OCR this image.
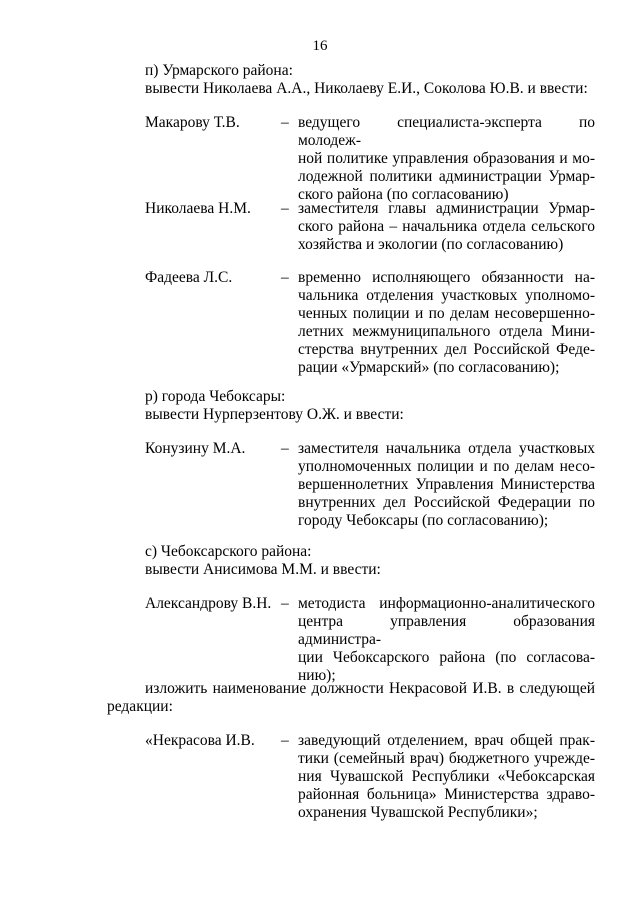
16
п) Урмарского района:
вывести Николаева А.А., Николаеву Е.И., Соколова Ю.В. и ввести:
Макарову Т.В.	– ведущего специалиста-эксперта по молодеж-
ной политике управления образования и мо-
лодежной политики администрации Урмар-
ского района (по согласованию)
Николаева Н.М. – заместителя главы администрации Урмар-
ского района – начальника отдела сельского
хозяйства и экологии (по согласованию)
Фадеева Л.С.	– временно исполняющего обязанности на-
чальника отделения участковых уполномо-
ченных полиции и по делам несовершенно-
летних межмуниципального отдела Мини-
стерства внутренних дел Российской Феде-
рации «Урмарский» (по согласованию);
р) города Чебоксары:
вывести Нурперзентову О.Ж. и ввести:
Конузину М.А. – заместителя начальника отдела участковых
уполномоченных полиции и по делам несо-
вершеннолетних Управления Министерства
внутренних дел Российской Федерации по
городу Чебоксары (по согласованию);
с) Чебоксарского района:
вывести Анисимова М.М. и ввести:
Александрову В.Н. – методиста информационно-аналитического
центра управления образования администра-
ции Чебоксарского района (по согласова-
нию);
изложить наименование должности Некрасовой И.В. в следующей
редакции:
«Некрасова И.В. – заведующий отделением, врач общей прак-
тики (семейный врач) бюджетного учрежде-
ния Чувашской Республики «Чебоксарская
районная больница» Министерства здраво-
охранения Чувашской Республики»;
